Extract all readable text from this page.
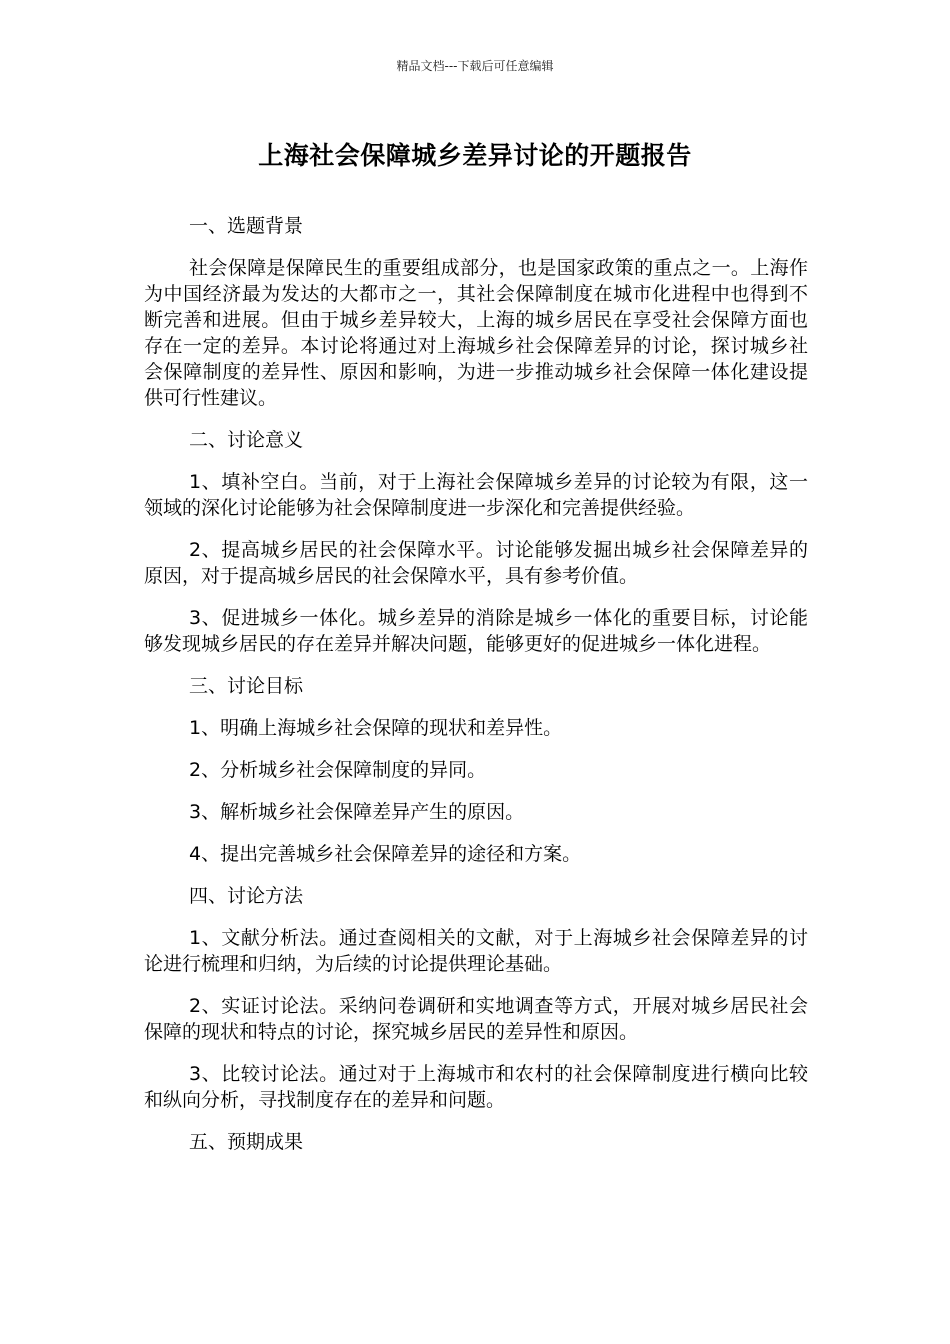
精品文档---下载后可任意编辑
上海社会保障城乡差异讨论的开题报告

一、选题背景

社会保障是保障民生的重要组成部分，也是国家政策的重点之一。上海作为中国经济最为发达的大都市之一，其社会保障制度在城市化进程中也得到不断完善和进展。但由于城乡差异较大，上海的城乡居民在享受社会保障方面也存在一定的差异。本讨论将通过对上海城乡社会保障差异的讨论，探讨城乡社会保障制度的差异性、原因和影响，为进一步推动城乡社会保障一体化建设提供可行性建议。

二、讨论意义

1、填补空白。当前，对于上海社会保障城乡差异的讨论较为有限，这一领域的深化讨论能够为社会保障制度进一步深化和完善提供经验。

2、提高城乡居民的社会保障水平。讨论能够发掘出城乡社会保障差异的原因，对于提高城乡居民的社会保障水平，具有参考价值。

3、促进城乡一体化。城乡差异的消除是城乡一体化的重要目标，讨论能够发现城乡居民的存在差异并解决问题，能够更好的促进城乡一体化进程。

三、讨论目标

1、明确上海城乡社会保障的现状和差异性。

2、分析城乡社会保障制度的异同。

3、解析城乡社会保障差异产生的原因。

4、提出完善城乡社会保障差异的途径和方案。

四、讨论方法

1、文献分析法。通过查阅相关的文献，对于上海城乡社会保障差异的讨论进行梳理和归纳，为后续的讨论提供理论基础。

2、实证讨论法。采纳问卷调研和实地调查等方式，开展对城乡居民社会保障的现状和特点的讨论，探究城乡居民的差异性和原因。

3、比较讨论法。通过对于上海城市和农村的社会保障制度进行横向比较和纵向分析，寻找制度存在的差异和问题。

五、预期成果
